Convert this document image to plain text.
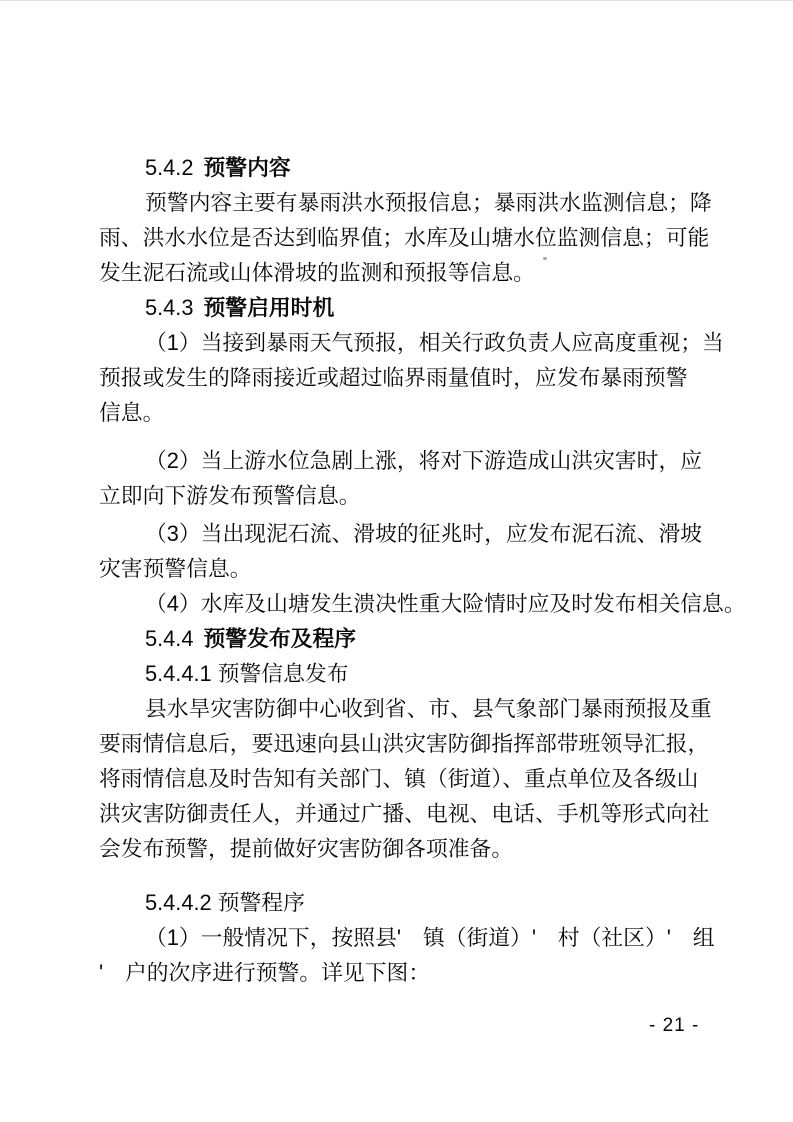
5.4.2 预警内容
预警内容主要有暴雨洪水预报信息；暴雨洪水监测信息；降
雨、洪水水位是否达到临界值；水库及山塘水位监测信息；可能
发生泥石流或山体滑坡的监测和预报等信息。
5.4.3 预警启用时机
（1）当接到暴雨天气预报，相关行政负责人应高度重视；当
预报或发生的降雨接近或超过临界雨量值时，应发布暴雨预警
信息。
（2）当上游水位急剧上涨，将对下游造成山洪灾害时，应
立即向下游发布预警信息。
（3）当出现泥石流、滑坡的征兆时，应发布泥石流、滑坡
灾害预警信息。
（4）水库及山塘发生溃决性重大险情时应及时发布相关信息。
5.4.4 预警发布及程序
5.4.4.1 预警信息发布
县水旱灾害防御中心收到省、市、县气象部门暴雨预报及重
要雨情信息后，要迅速向县山洪灾害防御指挥部带班领导汇报，
将雨情信息及时告知有关部门、镇（街道）、重点单位及各级山
洪灾害防御责任人，并通过广播、电视、电话、手机等形式向社
会发布预警，提前做好灾害防御各项准备。
5.4.4.2 预警程序
（1）一般情况下，按照县'　镇（街道）'　村（社区）'　组
'　户的次序进行预警。详见下图：
- 21 -
